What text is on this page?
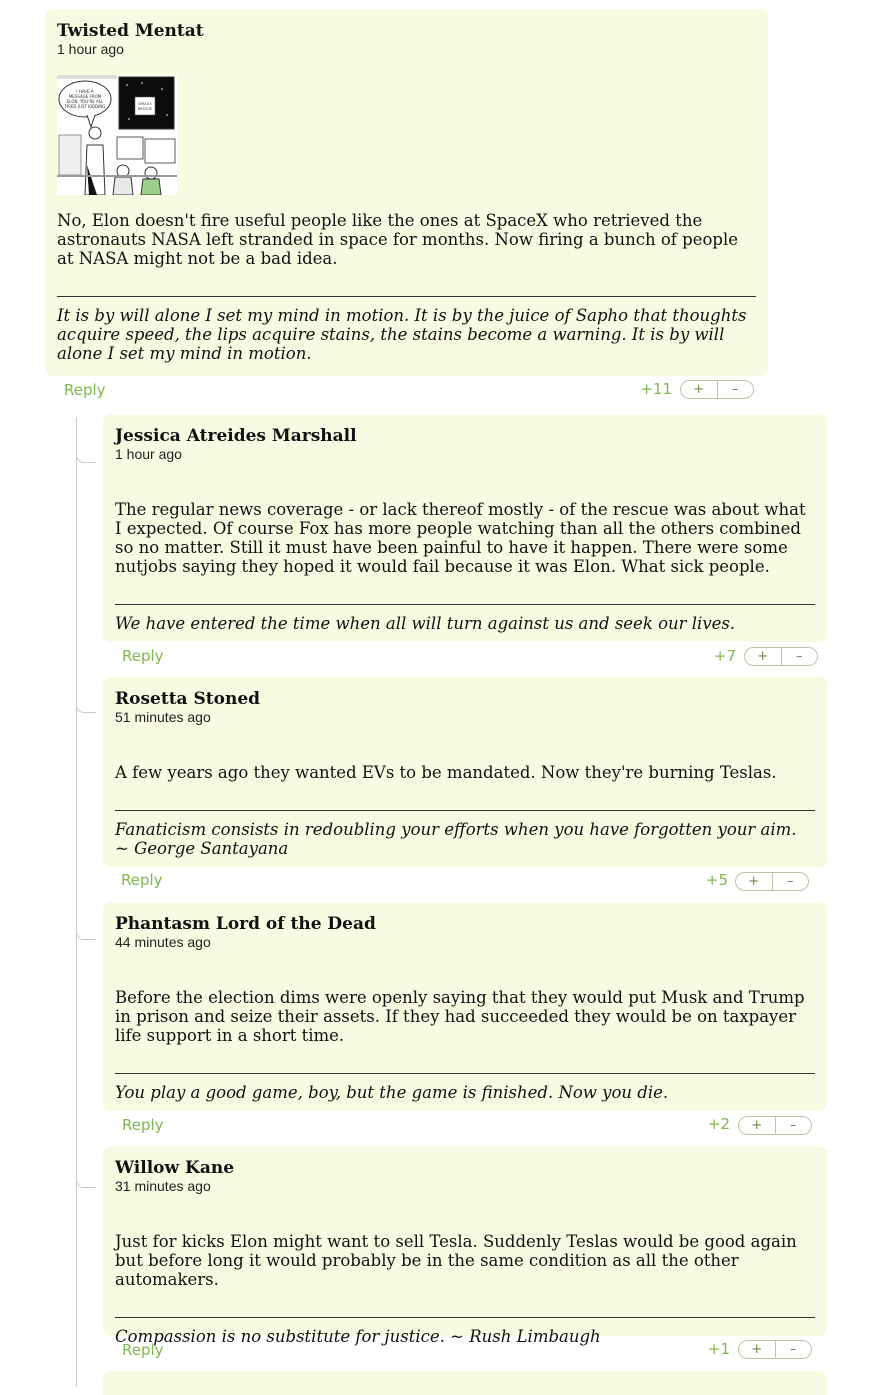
Twisted Mentat
1 hour ago

No, Elon doesn't fire useful people like the ones at SpaceX who retrieved the astronauts NASA left stranded in space for months. Now firing a bunch of people at NASA might not be a bad idea.

It is by will alone I set my mind in motion. It is by the juice of Sapho that thoughts acquire speed, the lips acquire stains, the stains become a warning. It is by will alone I set my mind in motion.

I HAVE A
MESSAGE FROM
ELON. YOU'RE ALL
FIRED JUST KIDDING	SPACEX
RESCUE
Reply	+11	+	–
Jessica Atreides Marshall
1 hour ago

The regular news coverage - or lack thereof mostly - of the rescue was about what I expected. Of course Fox has more people watching than all the others combined so no matter. Still it must have been painful to have it happen. There were some nutjobs saying they hoped it would fail because it was Elon. What sick people.

We have entered the time when all will turn against us and seek our lives.

Reply	+7	+	–
Rosetta Stoned
51 minutes ago

A few years ago they wanted EVs to be mandated. Now they're burning Teslas.

Fanaticism consists in redoubling your efforts when you have forgotten your aim. ~ George Santayana

Reply	+5	+	–
Phantasm Lord of the Dead
44 minutes ago

Before the election dims were openly saying that they would put Musk and Trump in prison and seize their assets. If they had succeeded they would be on taxpayer life support in a short time.

You play a good game, boy, but the game is finished. Now you die.

Reply	+2	+	–
Willow Kane
31 minutes ago

Just for kicks Elon might want to sell Tesla. Suddenly Teslas would be good again but before long it would probably be in the same condition as all the other automakers.

Compassion is no substitute for justice. ~ Rush Limbaugh

Reply	+1	+	–
